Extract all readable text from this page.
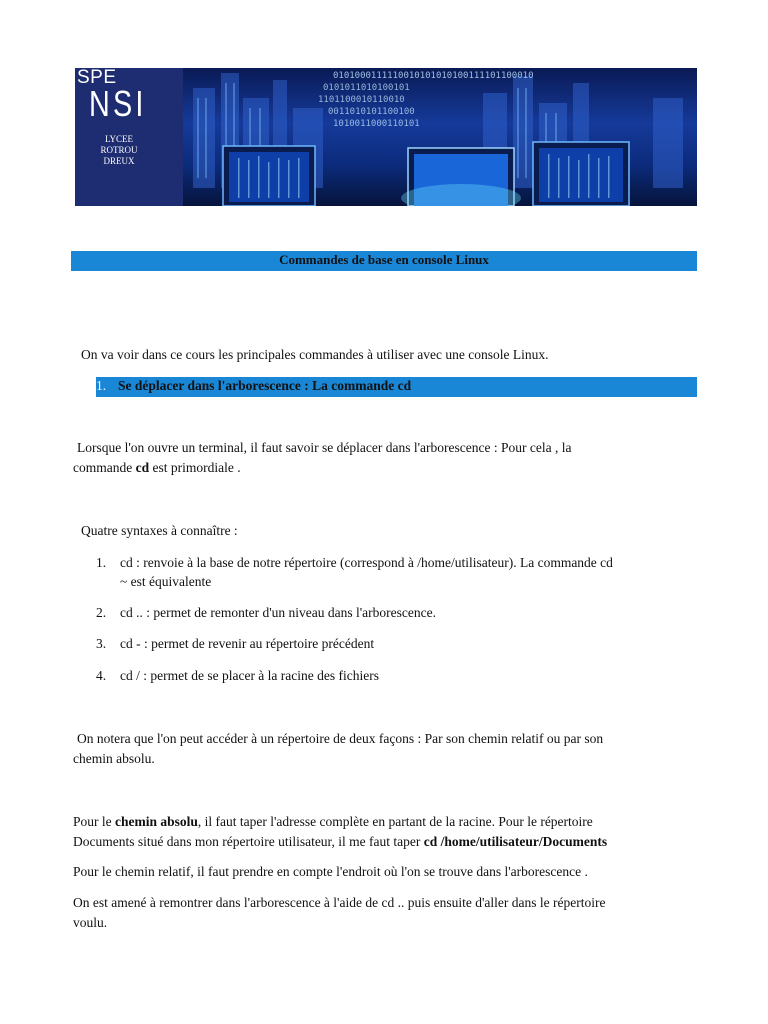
SPE
NSI
LYCEE ROTROU
DREUX
0101000111110010101010100111101100010
0101011010100101
1101100010110010
0011010101100100
1010011000110101
Commandes de base en console Linux
On va voir dans ce cours les principales commandes à utiliser avec une console Linux.
1. Se déplacer dans l'arborescence : La commande cd
Lorsque l'on ouvre un terminal, il faut savoir se déplacer dans l'arborescence : Pour cela , la
commande cd est primordiale .
Quatre syntaxes à connaître :
1. cd : renvoie à la base de notre répertoire (correspond à /home/utilisateur). La commande cd
~ est équivalente
2. cd .. : permet de remonter d'un niveau dans l'arborescence.
3. cd - : permet de revenir au répertoire précédent
4. cd / : permet de se placer à la racine des fichiers
On notera que l'on peut accéder à un répertoire de deux façons : Par son chemin relatif ou par son
chemin absolu.
Pour le chemin absolu, il faut taper l'adresse complète en partant de la racine. Pour le répertoire
Documents situé dans mon répertoire utilisateur, il me faut taper cd /home/utilisateur/Documents
Pour le chemin relatif, il faut prendre en compte l'endroit où l'on se trouve dans l'arborescence .
On est amené à remontrer dans l'arborescence à l'aide de cd .. puis ensuite d'aller dans le répertoire
voulu.
